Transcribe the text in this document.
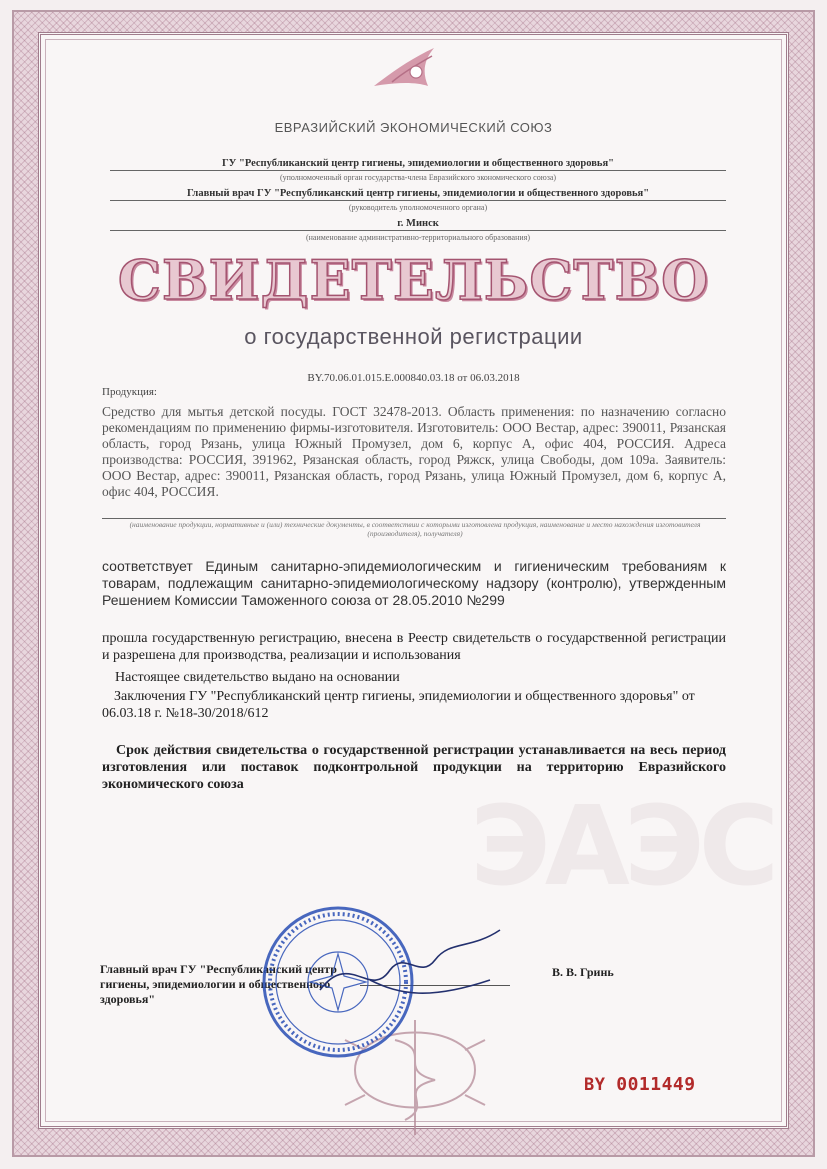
ЕВРАЗИЙСКИЙ ЭКОНОМИЧЕСКИЙ СОЮЗ
ГУ "Республиканский центр гигиены, эпидемиологии и общественного здоровья"
(уполномоченный орган государства-члена Евразийского экономического союза)
Главный врач ГУ "Республиканский центр гигиены, эпидемиологии и общественного здоровья"
(руководитель уполномоченного органа)
г. Минск
(наименование административно-территориального образования)
СВИДЕТЕЛЬСТВО
о государственной регистрации
BY.70.06.01.015.Е.000840.03.18 от 06.03.2018
Продукция:
Средство для мытья детской посуды. ГОСТ 32478-2013. Область применения: по назначению согласно рекомендациям по применению фирмы-изготовителя. Изготовитель: ООО Вестар, адрес: 390011, Рязанская область, город Рязань, улица Южный Промузел, дом 6, корпус А, офис 404, РОССИЯ. Адреса производства: РОССИЯ, 391962, Рязанская область, город Ряжск, улица Свободы, дом 109а. Заявитель: ООО Вестар, адрес: 390011, Рязанская область, город Рязань, улица Южный Промузел, дом 6, корпус А, офис 404, РОССИЯ.
(наименование продукции, нормативные и (или) технические документы, в соответствии с которыми изготовлена продукция, наименование и место нахождения изготовителя (производителя), получателя)
соответствует Единым санитарно-эпидемиологическим и гигиеническим требованиям к товарам, подлежащим санитарно-эпидемиологическому надзору (контролю), утвержденным Решением Комиссии Таможенного союза от 28.05.2010 №299
прошла государственную регистрацию, внесена в Реестр свидетельств о государственной регистрации и разрешена для производства, реализации и использования
Настоящее свидетельство выдано на основании
Заключения ГУ "Республиканский центр гигиены, эпидемиологии и общественного здоровья" от 06.03.18 г. №18-30/2018/612
Срок действия свидетельства о государственной регистрации устанавливается на весь период изготовления или поставок подконтрольной продукции на территорию Евразийского экономического союза	ЭАЭС
Главный врач ГУ "Республиканский центр гигиены, эпидемиологии и общественного здоровья"
В. В. Гринь
BY 0011449
